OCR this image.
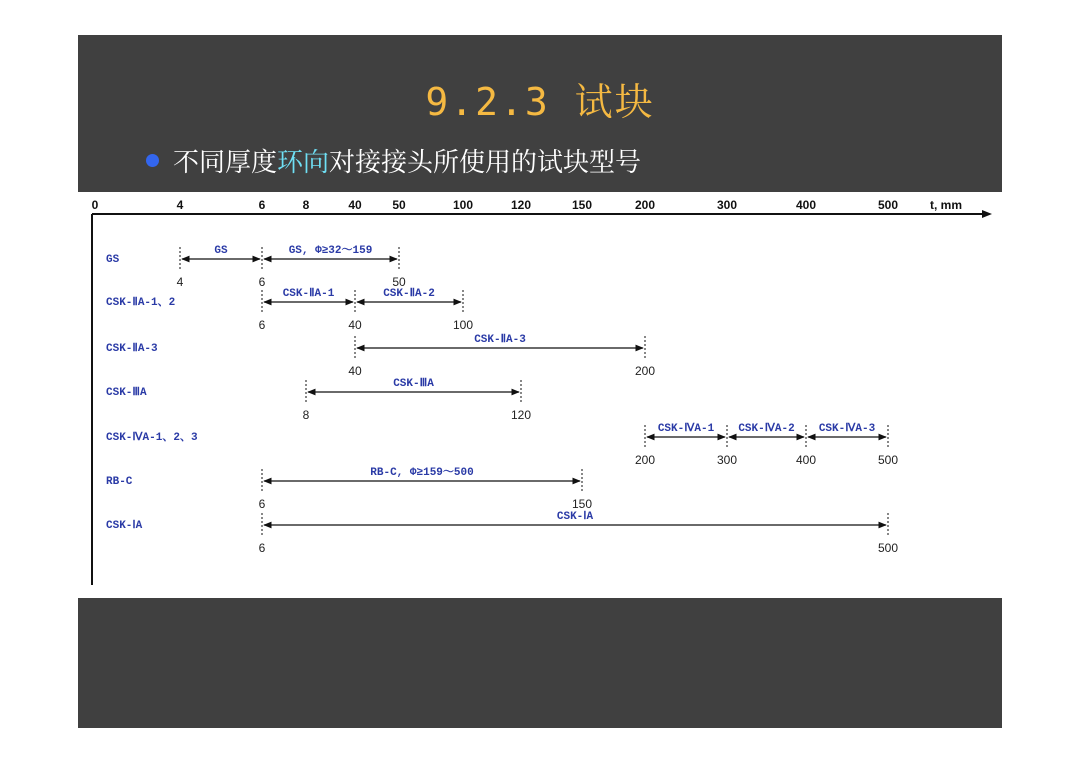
9.2.3 试块
不同厚度环向对接接头所使用的试块型号
t, mm
0	4	6	8	40	50	100	120	150	200	300	400	500
GS
GS	GS, Φ≥32～159
4	6	50
CSK-ⅡA-1、2
CSK-ⅡA-1	CSK-ⅡA-2
6	40	100
CSK-ⅡA-3
CSK-ⅡA-3
40	200
CSK-ⅢA
CSK-ⅢA
8	120
CSK-ⅣA-1、2、3
CSK-ⅣA-1 CSK-ⅣA-2 CSK-ⅣA-3
200	300	400	500
RB-C
RB-C, Φ≥159～500
6	150
CSK-ⅠA
CSK-ⅠA
6	500
